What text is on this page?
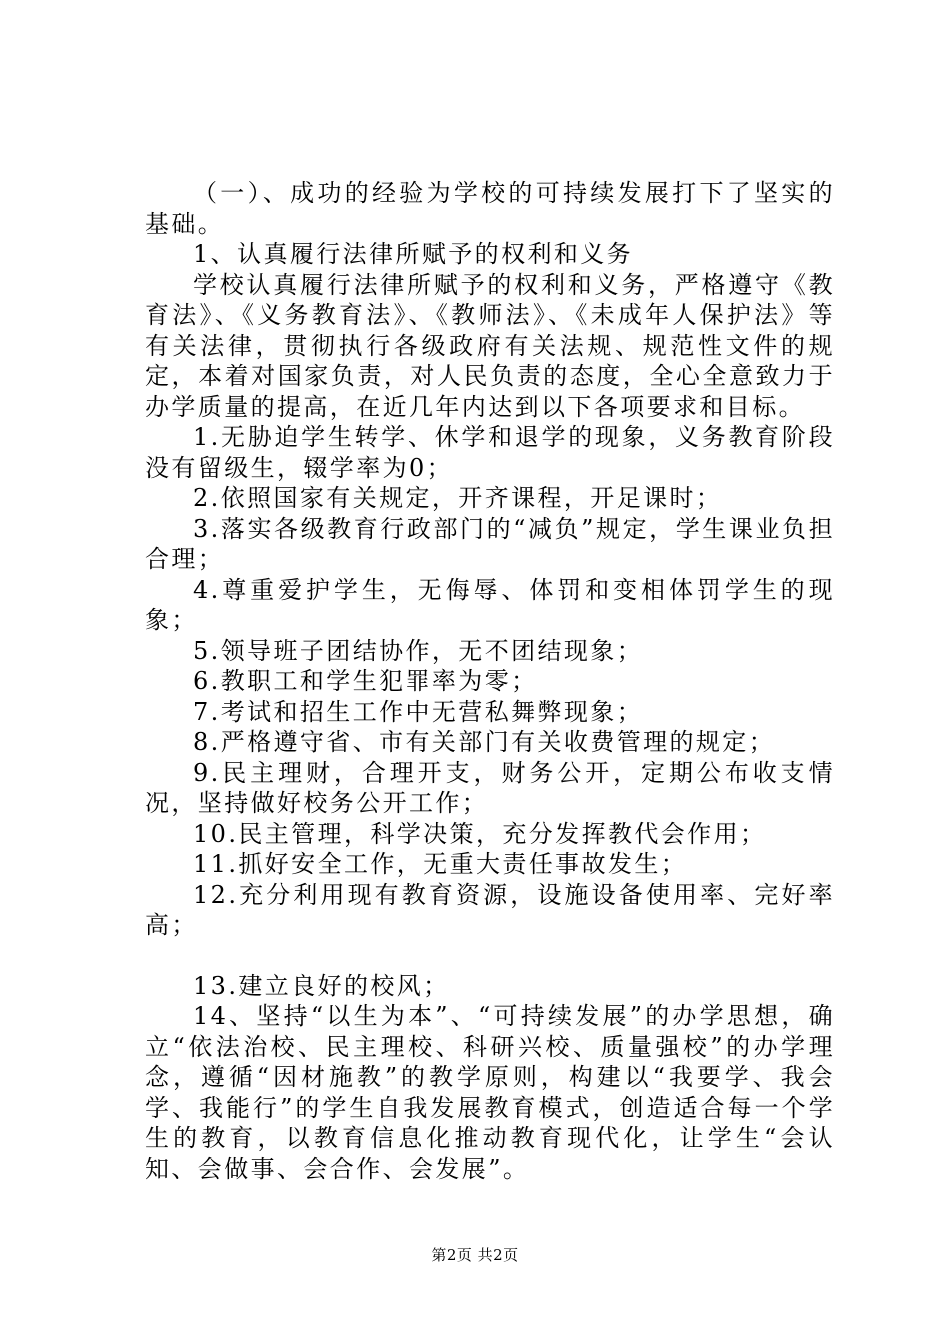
（一）、成功的经验为学校的可持续发展打下了坚实的基础。

1、认真履行法律所赋予的权利和义务

学校认真履行法律所赋予的权利和义务，严格遵守《教育法》、《义务教育法》、《教师法》、《未成年人保护法》等有关法律，贯彻执行各级政府有关法规、规范性文件的规定，本着对国家负责，对人民负责的态度，全心全意致力于办学质量的提高，在近几年内达到以下各项要求和目标。

1.无胁迫学生转学、休学和退学的现象，义务教育阶段没有留级生，辍学率为0；

2.依照国家有关规定，开齐课程，开足课时；

3.落实各级教育行政部门的“减负”规定，学生课业负担合理；

4.尊重爱护学生，无侮辱、体罚和变相体罚学生的现象；

5.领导班子团结协作，无不团结现象；

6.教职工和学生犯罪率为零；

7.考试和招生工作中无营私舞弊现象；

8.严格遵守省、市有关部门有关收费管理的规定；

9.民主理财，合理开支，财务公开，定期公布收支情况，坚持做好校务公开工作；

10.民主管理，科学决策，充分发挥教代会作用；

11.抓好安全工作，无重大责任事故发生；

12.充分利用现有教育资源，设施设备使用率、完好率高；

13.建立良好的校风；

14、坚持“以生为本”、“可持续发展”的办学思想，确立“依法治校、民主理校、科研兴校、质量强校”的办学理念，遵循“因材施教”的教学原则，构建以“我要学、我会学、我能行”的学生自我发展教育模式，创造适合每一个学生的教育，以教育信息化推动教育现代化，让学生“会认知、会做事、会合作、会发展”。

第2页 共2页
